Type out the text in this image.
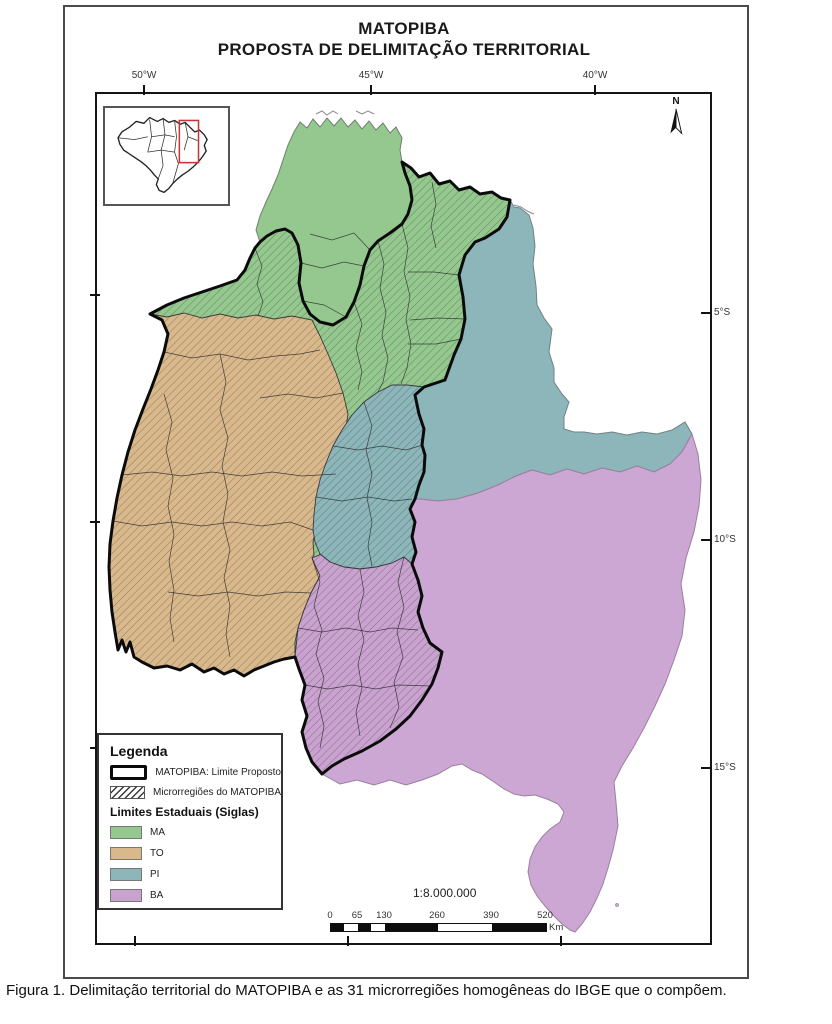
MATOPIBA
PROPOSTA DE DELIMITAÇÃO TERRITORIAL
50°W	45°W	40°W
5°S
10°S
15°S
N
Legenda
MATOPIBA: Limite Proposto
Microrregiões do MATOPIBA
Limites Estaduais (Siglas)
MA
TO
PI
BA	1:8.000.000
0 65 130	260	390	520
Km
Figura 1. Delimitação territorial do MATOPIBA e as 31 microrregiões homogêneas do IBGE que o compõem.
